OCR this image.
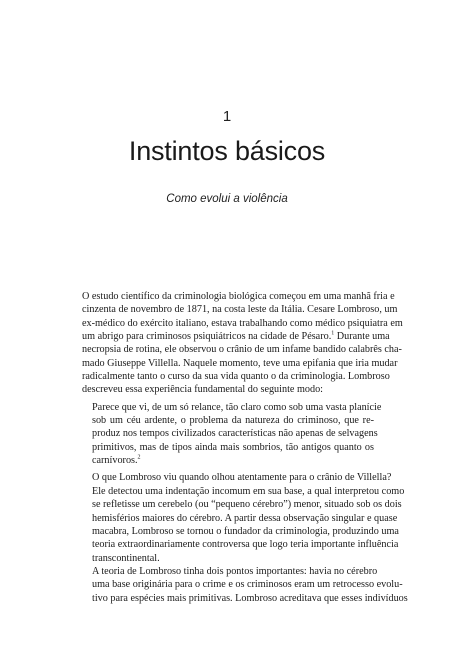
1
Instintos básicos
Como evolui a violência

O estudo científico da criminologia biológica começou em uma manhã fria e
cinzenta de novembro de 1871, na costa leste da Itália. Cesare Lombroso, um
ex-médico do exército italiano, estava trabalhando como médico psiquiatra em
um abrigo para criminosos psiquiátricos na cidade de Pésaro.$^1$ Durante uma
necropsia de rotina, ele observou o crânio de um infame bandido calabrês cha-
mado Giuseppe Villella. Naquele momento, teve uma epifania que iria mudar
radicalmente tanto o curso da sua vida quanto o da criminologia. Lombroso
descreveu essa experiência fundamental do seguinte modo:

Parece que vi, de um só relance, tão claro como sob uma vasta planície
sob um céu ardente, o problema da natureza do criminoso, que re-
produz nos tempos civilizados características não apenas de selvagens
primitivos, mas de tipos ainda mais sombrios, tão antigos quanto os
carnívoros.$^2$

O que Lombroso viu quando olhou atentamente para o crânio de Villella?
Ele detectou uma indentação incomum em sua base, a qual interpretou como
se refletisse um cerebelo (ou “pequeno cérebro”) menor, situado sob os dois
hemisférios maiores do cérebro. A partir dessa observação singular e quase
macabra, Lombroso se tornou o fundador da criminologia, produzindo uma
teoria extraordinariamente controversa que logo teria importante influência
transcontinental.

A teoria de Lombroso tinha dois pontos importantes: havia no cérebro
uma base originária para o crime e os criminosos eram um retrocesso evolu-
tivo para espécies mais primitivas. Lombroso acreditava que esses indivíduos
